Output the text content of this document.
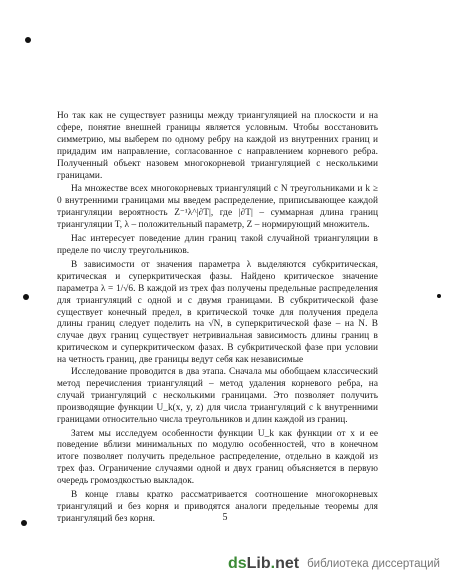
Но так как не существует разницы между триангуляцией на плоскости и на сфере, понятие внешней границы является условным. Чтобы восстановить симметрию, мы выберем по одному ребру на каждой из внутренних границ и придадим им направление, согласованное с направлением корневого ребра. Полученный объект назовем многокорневой триангуляцией с несколькими границами.

На множестве всех многокорневых триангуляций с N треугольниками и k ≥ 0 внутренними границами мы введем распределение, приписывающее каждой триангуляции вероятность Z⁻¹λ^|∂T|, где |∂T| – суммарная длина границ триангуляции T, λ – положительный параметр, Z – нормирующий множитель.

Нас интересует поведение длин границ такой случайной триангуляции в пределе по числу треугольников.

В зависимости от значения параметра λ выделяются субкритическая, критическая и суперкритическая фазы. Найдено критическое значение параметра λ = 1/√6. В каждой из трех фаз получены предельные распределения для триангуляций с одной и с двумя границами. В субкритической фазе существует конечный предел, в критической точке для получения предела длины границ следует поделить на √N, в суперкритической фазе – на N. В случае двух границ существует нетривиальная зависимость длины границ в критическом и суперкритическом фазах. В субкритической фазе при условии на четность границ, две границы ведут себя как независимые

Исследование проводится в два этапа. Сначала мы обобщаем классический метод перечисления триангуляций – метод удаления корневого ребра, на случай триангуляций с несколькими границами. Это позволяет получить производящие функции U_k(x, y, z) для числа триангуляций с k внутренними границами относительно числа треугольников и длин каждой из границ.

Затем мы исследуем особенности функции U_k как функции от x и ее поведение вблизи минимальных по модулю особенностей, что в конечном итоге позволяет получить предельное распределение, отдельно в каждой из трех фаз. Ограничение случаями одной и двух границ объясняется в первую очередь громоздкостью выкладок.

В конце главы кратко рассматривается соотношение многокорневых триангуляций и без корня и приводятся аналоги предельные теоремы для триангуляций без корня.	5
ds Lib . net библиотека диссертаций
